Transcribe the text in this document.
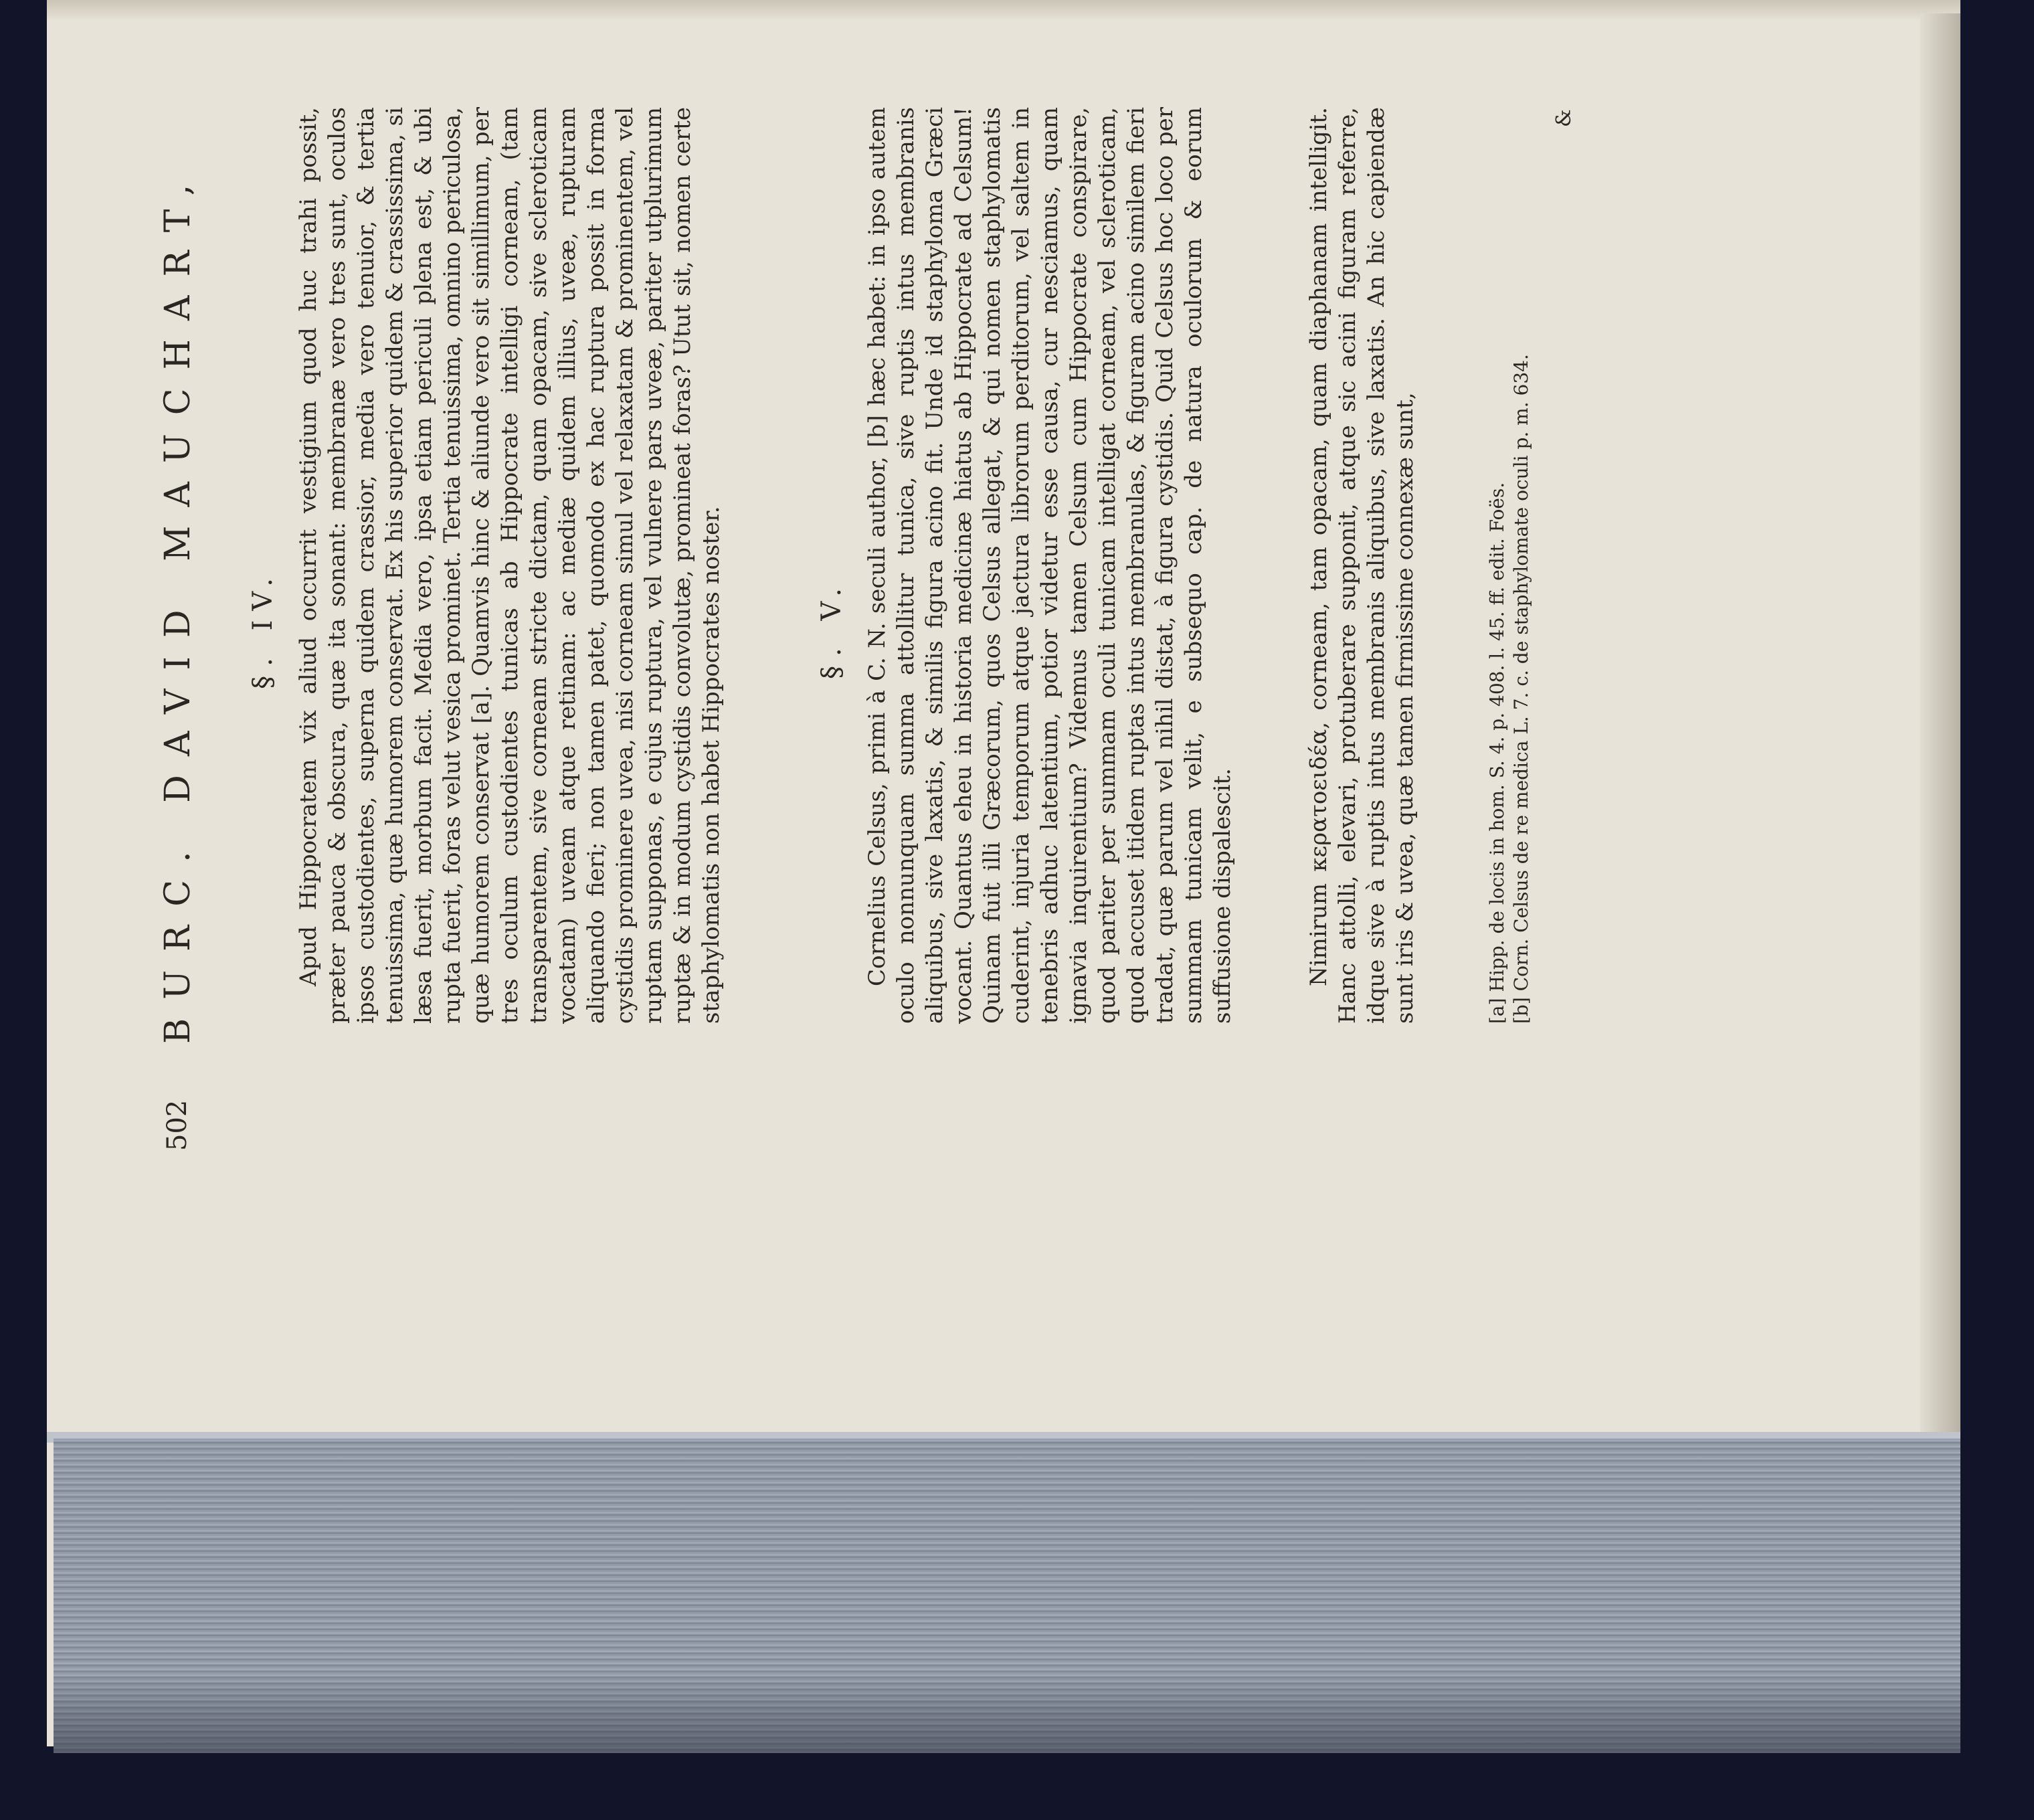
502
BURC. DAVID MAUCHART, §. IV. Apud Hippocratem vix aliud occurrit vestigium quod huc trahi possit, præter pauca & obscura, quæ ita sonant: membranæ vero tres sunt, oculos ipsos custodientes, superna quidem crassior, media vero tenuior, & tertia tenuissima, quæ humorem conservat. Ex his superior quidem & crassissima, si læsa fuerit, morbum facit. Media vero, ipsa etiam periculi plena est, & ubi rupta fuerit, foras velut vesica prominet. Tertia tenuissima, omnino periculosa, quæ humorem conservat [a]. Quamvis hinc & aliunde vero sit simillimum, per tres oculum custodientes tunicas ab Hippocrate intelligi corneam, (tam transparentem, sive corneam stricte dictam, quam opacam, sive scleroticam vocatam) uveam atque retinam: ac mediæ quidem illius, uveæ, rupturam aliquando fieri; non tamen patet, quomodo ex hac ruptura possit in forma cystidis prominere uvea, nisi corneam simul vel relaxatam & prominentem, vel ruptam supponas, e cujus ruptura, vel vulnere pars uveæ, pariter utplurimum ruptæ & in modum cystidis convolutæ, promineat foras? Utut sit, nomen certe staphylomatis non habet Hippocrates noster.	§. V. Cornelius Celsus, primi à C. N. seculi author, [b] hæc habet: in ipso autem oculo nonnunquam summa attollitur tunica, sive ruptis intus membranis aliquibus, sive laxatis, & similis figura acino fit. Unde id staphyloma Græci vocant. Quantus eheu in historia medicinæ hiatus ab Hippocrate ad Celsum! Quinam fuit illi Græcorum, quos Celsus allegat, & qui nomen staphylomatis cuderint, injuria temporum atque jactura librorum perditorum, vel saltem in tenebris adhuc latentium, potior videtur esse causa, cur nesciamus, quam ignavia inquirentium? Videmus tamen Celsum cum Hippocrate conspirare, quod pariter per summam oculi tunicam intelligat corneam, vel scleroticam, quod accuset itidem ruptas intus membranulas, & figuram acino similem fieri tradat, quæ parum vel nihil distat, à figura cystidis. Quid Celsus hoc loco per summam tunicam velit, e subsequo cap. de natura oculorum & eorum suffusione dispalescit.	Nimirum κερατοειδέα, corneam, tam opacam, quam diaphanam intelligit. Hanc attolli, elevari, protuberare supponit, atque sic acini figuram referre, idque sive à ruptis intus membranis aliquibus, sive laxatis. An hic capiendæ sunt iris & uvea, quæ tamen firmissime connexæ sunt,	[a] Hipp. de locis in hom. S. 4. p. 408. l. 45. ff. edit. Foës. [b] Corn. Celsus de re medica L. 7. c. de staphylomate oculi p. m. 634.
&
